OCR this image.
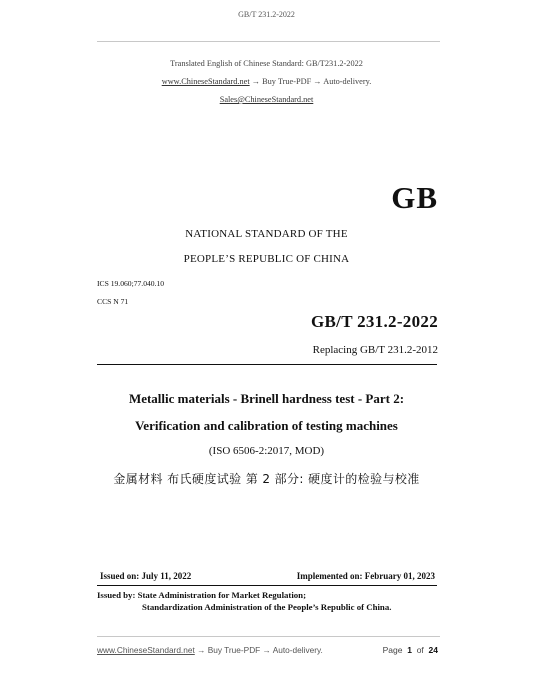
GB/T 231.2-2022
Translated English of Chinese Standard: GB/T231.2-2022
www.ChineseStandard.net → Buy True-PDF → Auto-delivery.
Sales@ChineseStandard.net
GB
NATIONAL STANDARD OF THE
PEOPLE’S REPUBLIC OF CHINA
ICS 19.060;77.040.10
CCS N 71
GB/T 231.2-2022
Replacing GB/T 231.2-2012
Metallic materials - Brinell hardness test - Part 2:
Verification and calibration of testing machines
(ISO 6506-2:2017, MOD)
金属材料 布氏硬度试验 第 2 部分: 硬度计的检验与校准
Issued on: July 11, 2022	Implemented on: February 01, 2023
Issued by: State Administration for Market Regulation;
Standardization Administration of the People’s Republic of China.
www.ChineseStandard.net → Buy True-PDF → Auto-delivery.	Page 1 of 24
